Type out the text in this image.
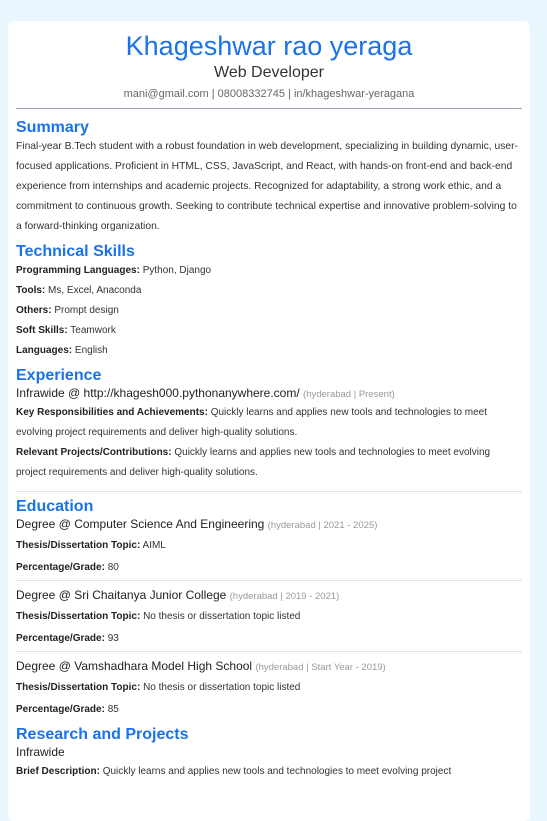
Khageshwar rao yeraga
Web Developer
mani@gmail.com | 08008332745 | in/khageshwar-yeragana
Summary

Final-year B.Tech student with a robust foundation in web development, specializing in building dynamic, user-focused applications. Proficient in HTML, CSS, JavaScript, and React, with hands-on front-end and back-end experience from internships and academic projects. Recognized for adaptability, a strong work ethic, and a commitment to continuous growth. Seeking to contribute technical expertise and innovative problem-solving to a forward-thinking organization.

Technical Skills

Programming Languages: Python, Django

Tools: Ms, Excel, Anaconda

Others: Prompt design

Soft Skills: Teamwork

Languages: English

Experience

Infrawide @ http://khagesh000.pythonanywhere.com/ (hyderabad | Present)

Key Responsibilities and Achievements: Quickly learns and applies new tools and technologies to meet evolving project requirements and deliver high-quality solutions.

Relevant Projects/Contributions: Quickly learns and applies new tools and technologies to meet evolving project requirements and deliver high-quality solutions.

Education

Degree @ Computer Science And Engineering (hyderabad | 2021 - 2025)

Thesis/Dissertation Topic: AIML

Percentage/Grade: 80

Degree @ Sri Chaitanya Junior College (hyderabad | 2019 - 2021)

Thesis/Dissertation Topic: No thesis or dissertation topic listed

Percentage/Grade: 93

Degree @ Vamshadhara Model High School (hyderabad | Start Year - 2019)

Thesis/Dissertation Topic: No thesis or dissertation topic listed

Percentage/Grade: 85

Research and Projects

Infrawide

Brief Description: Quickly learns and applies new tools and technologies to meet evolving project
